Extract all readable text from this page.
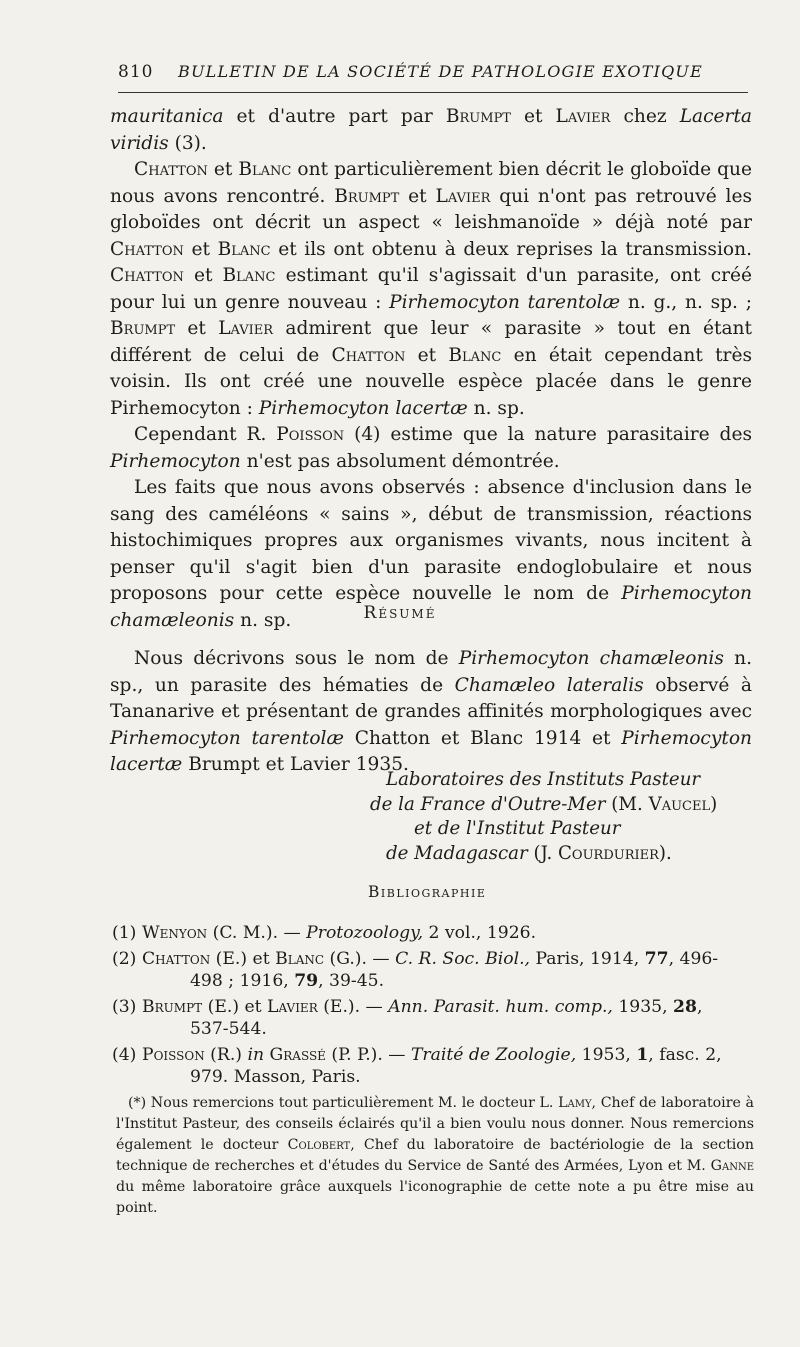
810 BULLETIN DE LA SOCIÉTÉ DE PATHOLOGIE EXOTIQUE

mauritanica et d'autre part par Brumpt et Lavier chez Lacerta viridis (3).

Chatton et Blanc ont particulièrement bien décrit le globoïde que nous avons rencontré. Brumpt et Lavier qui n'ont pas retrouvé les globoïdes ont décrit un aspect « leishmanoïde » déjà noté par Chatton et Blanc et ils ont obtenu à deux reprises la transmission. Chatton et Blanc estimant qu'il s'agissait d'un parasite, ont créé pour lui un genre nouveau : Pirhemocyton tarentolæ n. g., n. sp. ; Brumpt et Lavier admirent que leur « parasite » tout en étant différent de celui de Chatton et Blanc en était cependant très voisin. Ils ont créé une nouvelle espèce placée dans le genre Pirhemocyton : Pirhemocyton lacertæ n. sp.

Cependant R. Poisson (4) estime que la nature parasitaire des Pirhemocyton n'est pas absolument démontrée.

Les faits que nous avons observés : absence d'inclusion dans le sang des caméléons « sains », début de transmission, réactions histochimiques propres aux organismes vivants, nous incitent à penser qu'il s'agit bien d'un parasite endoglobulaire et nous proposons pour cette espèce nouvelle le nom de Pirhemocyton chamæleonis n. sp.	Résumé

Nous décrivons sous le nom de Pirhemocyton chamæleonis n. sp., un parasite des hématies de Chamæleo lateralis observé à Tananarive et présentant de grandes affinités morphologiques avec Pirhemocyton tarentolæ Chatton et Blanc 1914 et Pirhemocyton lacertæ Brumpt et Lavier 1935.

Laboratoires des Instituts Pasteur
de la France d'Outre-Mer (M. Vaucel)
et de l'Institut Pasteur
de Madagascar (J. Courdurier).
Bibliographie
(1) Wenyon (C. M.). — Protozoology, 2 vol., 1926.
(2) Chatton (E.) et Blanc (G.). — C. R. Soc. Biol., Paris, 1914, 77, 496-
498 ; 1916, 79, 39-45.
(3) Brumpt (E.) et Lavier (E.). — Ann. Parasit. hum. comp., 1935, 28,
537-544.
(4) Poisson (R.) in Grassé (P. P.). — Traité de Zoologie, 1953, 1, fasc. 2,
979. Masson, Paris.
(*) Nous remercions tout particulièrement M. le docteur L. Lamy, Chef de laboratoire à l'Institut Pasteur, des conseils éclairés qu'il a bien voulu nous donner. Nous remercions également le docteur Colobert, Chef du laboratoire de bactériologie de la section technique de recherches et d'études du Service de Santé des Armées, Lyon et M. Ganne du même laboratoire grâce auxquels l'iconographie de cette note a pu être mise au point.
